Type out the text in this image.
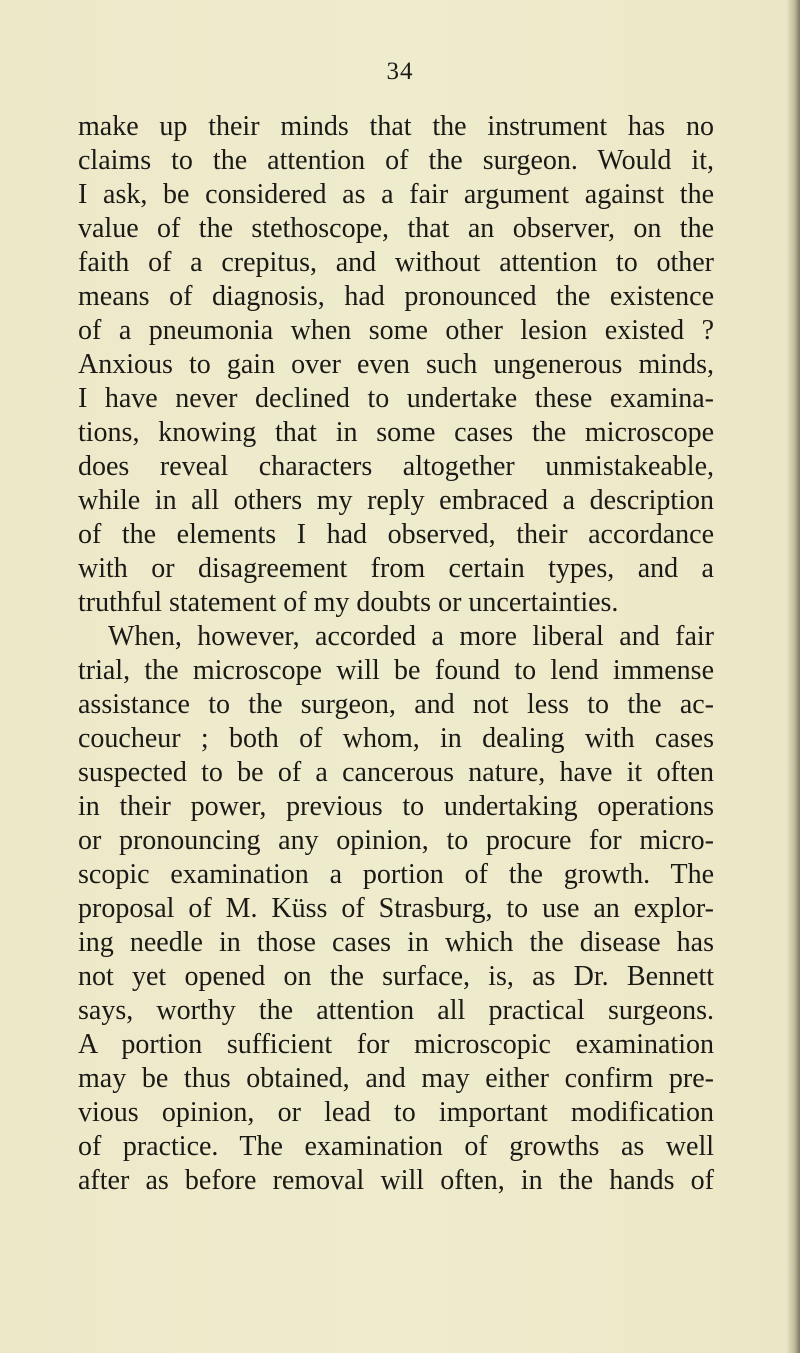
34
make up their minds that the instrument has no
claims to the attention of the surgeon. Would it,
I ask, be considered as a fair argument against the
value of the stethoscope, that an observer, on the
faith of a crepitus, and without attention to other
means of diagnosis, had pronounced the existence
of a pneumonia when some other lesion existed ?
Anxious to gain over even such ungenerous minds,
I have never declined to undertake these examina-
tions, knowing that in some cases the microscope
does reveal characters altogether unmistakeable,
while in all others my reply embraced a description
of the elements I had observed, their accordance
with or disagreement from certain types, and a
truthful statement of my doubts or uncertainties.
When, however, accorded a more liberal and fair
trial, the microscope will be found to lend immense
assistance to the surgeon, and not less to the ac-
coucheur ; both of whom, in dealing with cases
suspected to be of a cancerous nature, have it often
in their power, previous to undertaking operations
or pronouncing any opinion, to procure for micro-
scopic examination a portion of the growth. The
proposal of M. Küss of Strasburg, to use an explor-
ing needle in those cases in which the disease has
not yet opened on the surface, is, as Dr. Bennett
says, worthy the attention all practical surgeons.
A portion sufficient for microscopic examination
may be thus obtained, and may either confirm pre-
vious opinion, or lead to important modification
of practice. The examination of growths as well
after as before removal will often, in the hands of
